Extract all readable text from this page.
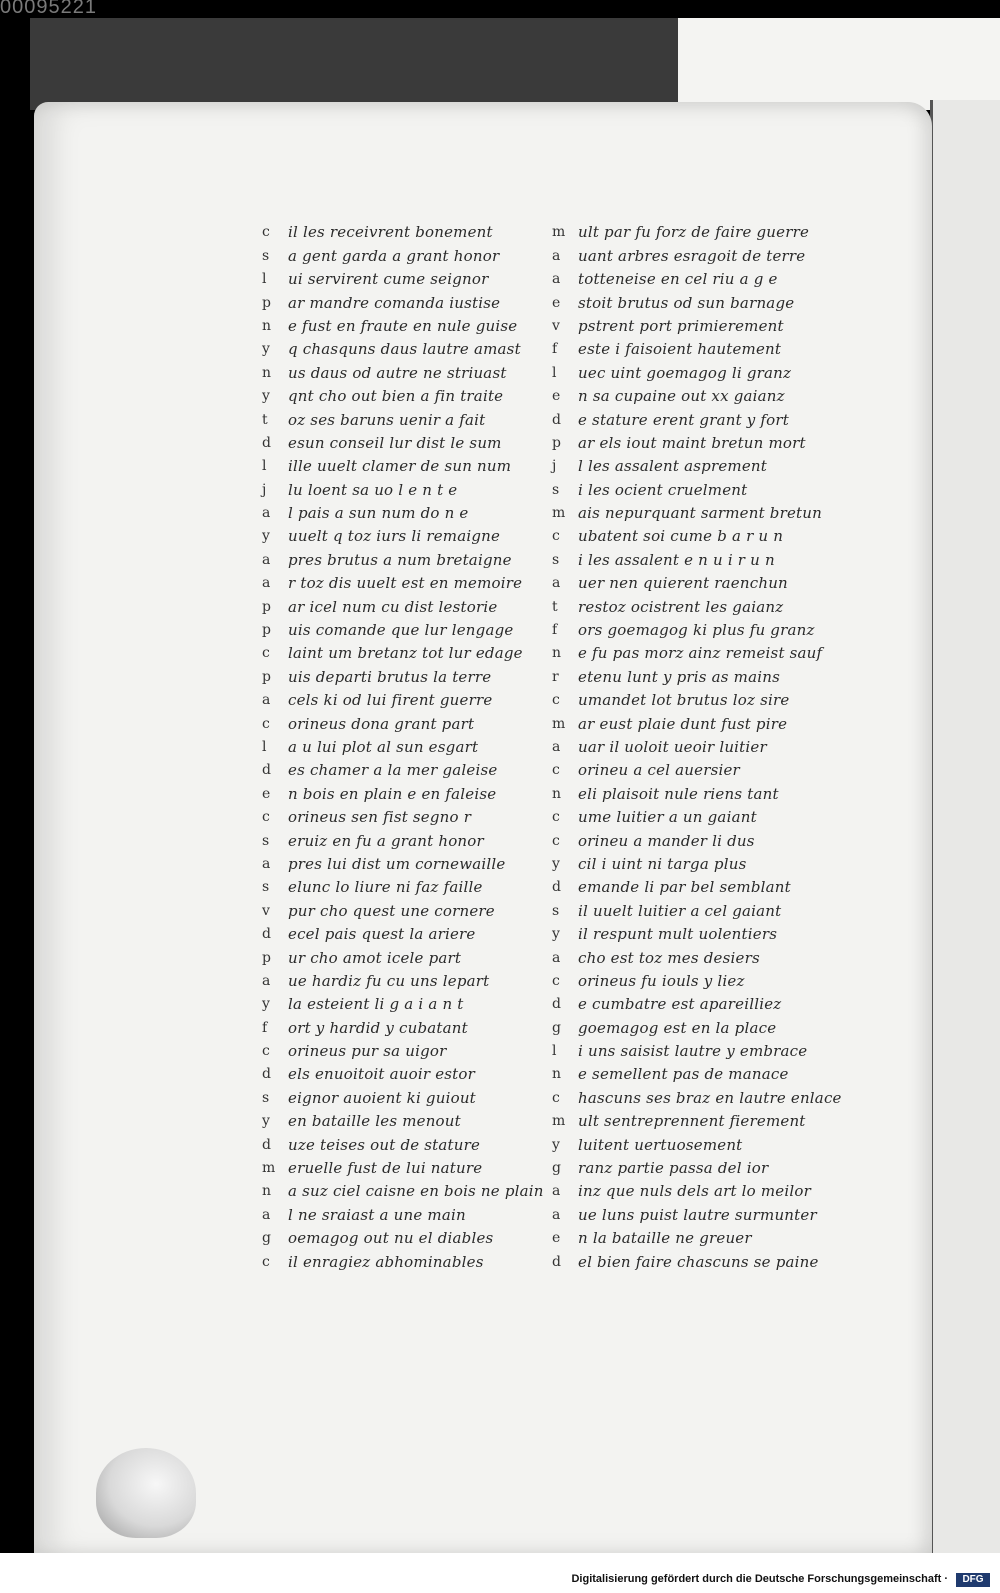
00095221
c	il les receivrent bonement
s	a gent garda a grant honor
l	ui servirent cume seignor
p	ar mandre comanda iustise
n	e fust en fraute en nule guise
y	q chasquns daus lautre amast
n	us daus od autre ne striuast
y	qnt cho out bien a fin traite
t	oz ses baruns uenir a fait
d	esun conseil lur dist le sum
l	ille uuelt clamer de sun num
j	lu loent sa uo l e n t e
a	l pais a sun num do n e
y	uuelt q toz iurs li remaigne
a	pres brutus a num bretaigne
a	r toz dis uuelt est en memoire
p	ar icel num cu dist lestorie
p	uis comande que lur lengage
c	laint um bretanz tot lur edage
p	uis departi brutus la terre
a	cels ki od lui firent guerre
c	orineus dona grant part
l	a u lui plot al sun esgart
d	es chamer a la mer galeise
e	n bois en plain e en faleise
c	orineus sen fist segno r
s	eruiz en fu a grant honor
a	pres lui dist um cornewaille
s	elunc lo liure ni faz faille
v	pur cho quest une cornere
d	ecel pais quest la ariere
p	ur cho amot icele part
a	ue hardiz fu cu uns lepart
y	la esteient li g a i a n t
f	ort y hardid y cubatant
c	orineus pur sa uigor
d	els enuoitoit auoir estor
s	eignor auoient ki guiout
y	en bataille les menout
d	uze teises out de stature
m eruelle fust de lui nature
n	a suz ciel caisne en bois ne plain
a	l ne sraiast a une main
g	oemagog out nu el diables
c	il enragiez abhominables
m ult par fu forz de faire guerre
a	uant arbres esragoit de terre
a	totteneise en cel riu a g e
e	stoit brutus od sun barnage
v	pstrent port primierement
f	este i faisoient hautement
l	uec uint goemagog li granz
e	n sa cupaine out xx gaianz
d	e stature erent grant y fort
p	ar els iout maint bretun mort
j	l les assalent asprement
s	i les ocient cruelment
m ais nepurquant sarment bretun
c	ubatent soi cume b a r u n
s	i les assalent e n u i r u n
a	uer nen quierent raenchun
t	restoz ocistrent les gaianz
f	ors goemagog ki plus fu granz
n	e fu pas morz ainz remeist sauf
r	etenu lunt y pris as mains
c	umandet lot brutus loz sire
m ar eust plaie dunt fust pire
a	uar il uoloit ueoir luitier
c	orineu a cel auersier
n	eli plaisoit nule riens tant
c	ume luitier a un gaiant
c	orineu a mander li dus
y	cil i uint ni targa plus
d	emande li par bel semblant
s	il uuelt luitier a cel gaiant
y	il respunt mult uolentiers
a	cho est toz mes desiers
c	orineus fu iouls y liez
d	e cumbatre est apareilliez
g	goemagog est en la place
l	i uns saisist lautre y embrace
n	e semellent pas de manace
c	hascuns ses braz en lautre enlace
m ult sentreprennent fierement
y	luitent uertuosement
g	ranz partie passa del ior
a	inz que nuls dels art lo meilor
a	ue luns puist lautre surmunter
e	n la bataille ne greuer
d	el bien faire chascuns se paine
Digitalisierung gefördert durch die Deutsche Forschungsgemeinschaft ·	DFG
